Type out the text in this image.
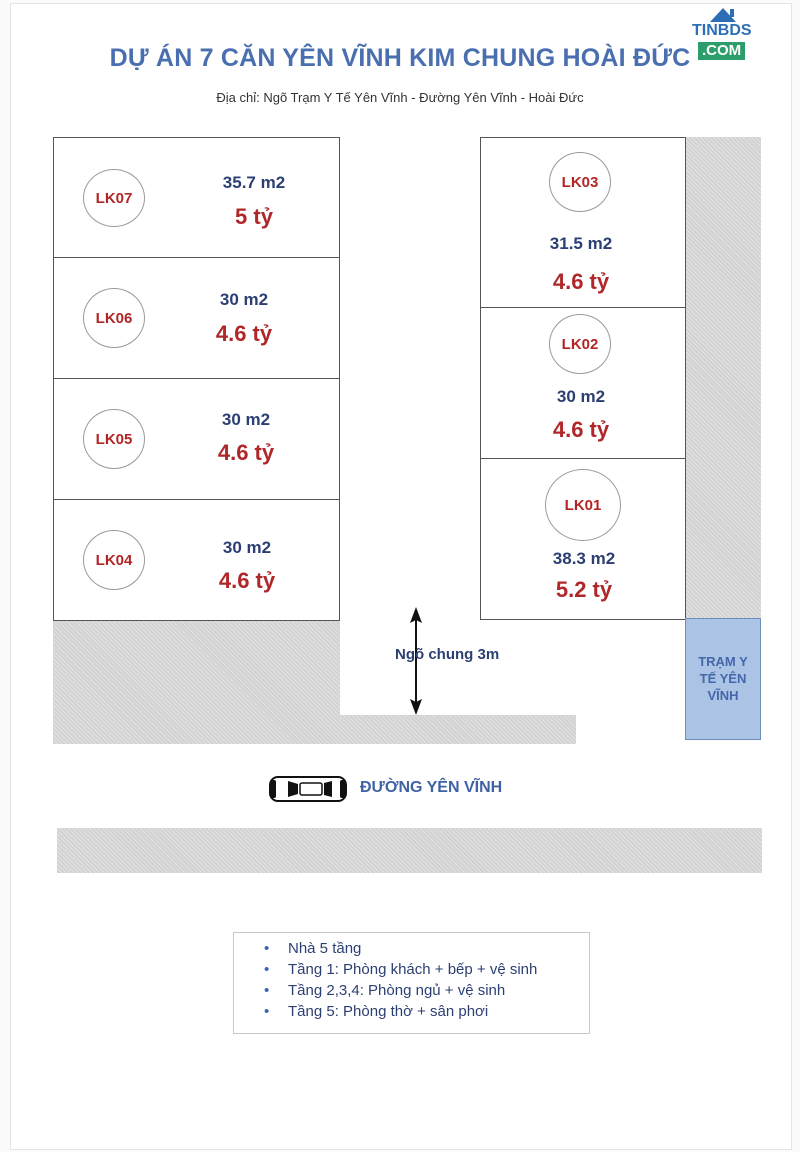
DỰ ÁN 7 CĂN YÊN VĨNH KIM CHUNG HOÀI ĐỨC
Địa chỉ: Ngõ Trạm Y Tế Yên Vĩnh - Đường Yên Vĩnh - Hoài Đức
TINBDS
.COM
LK07
35.7 m2
5 tỷ
LK06
30 m2
4.6 tỷ
LK05
30 m2
4.6 tỷ
LK04
30 m2
4.6 tỷ
LK03
31.5 m2
4.6 tỷ
LK02
30 m2
4.6 tỷ
LK01
38.3 m2
5.2 tỷ
TRẠM Y
TẾ YÊN
VĨNH
Ngõ chung 3m
ĐƯỜNG YÊN VĨNH
• Nhà 5 tầng
• Tầng 1: Phòng khách + bếp + vệ sinh
• Tầng 2,3,4: Phòng ngủ + vệ sinh
• Tầng 5: Phòng thờ + sân phơi
